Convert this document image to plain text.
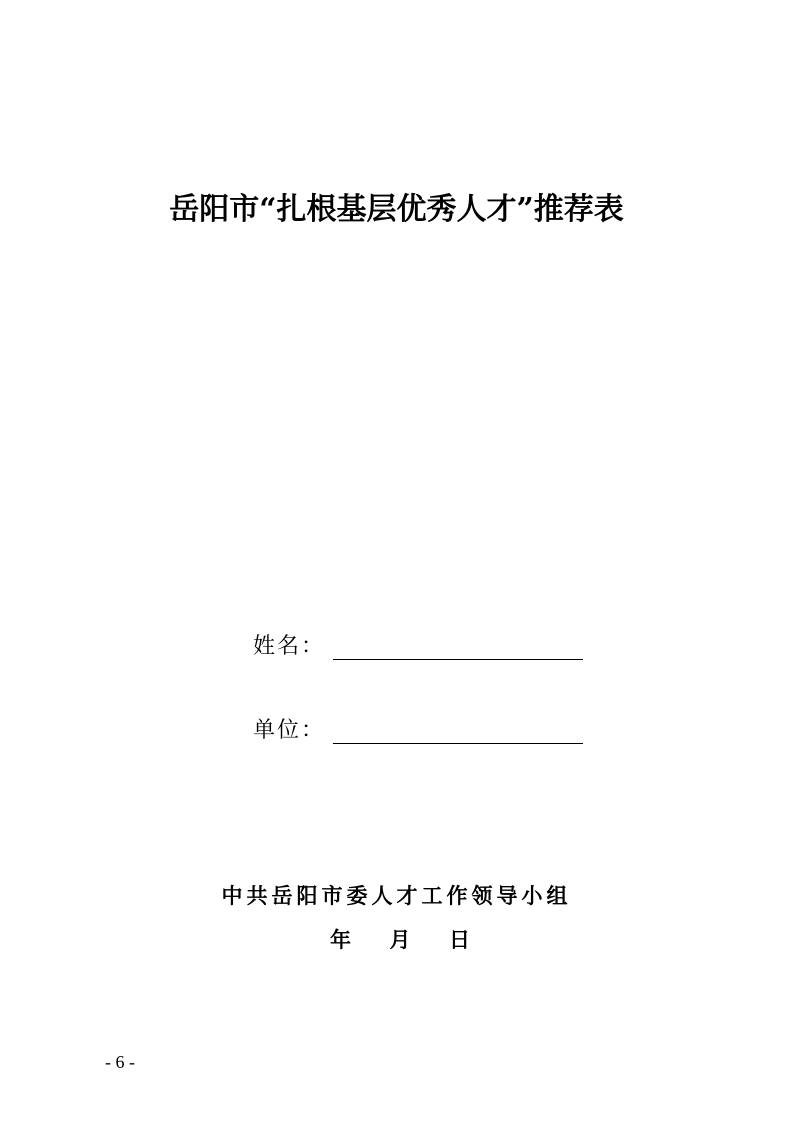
岳阳市“扎根基层优秀人才”推荐表
姓名：
单位：
中共岳阳市委人才工作领导小组
年 月 日
- 6 -
